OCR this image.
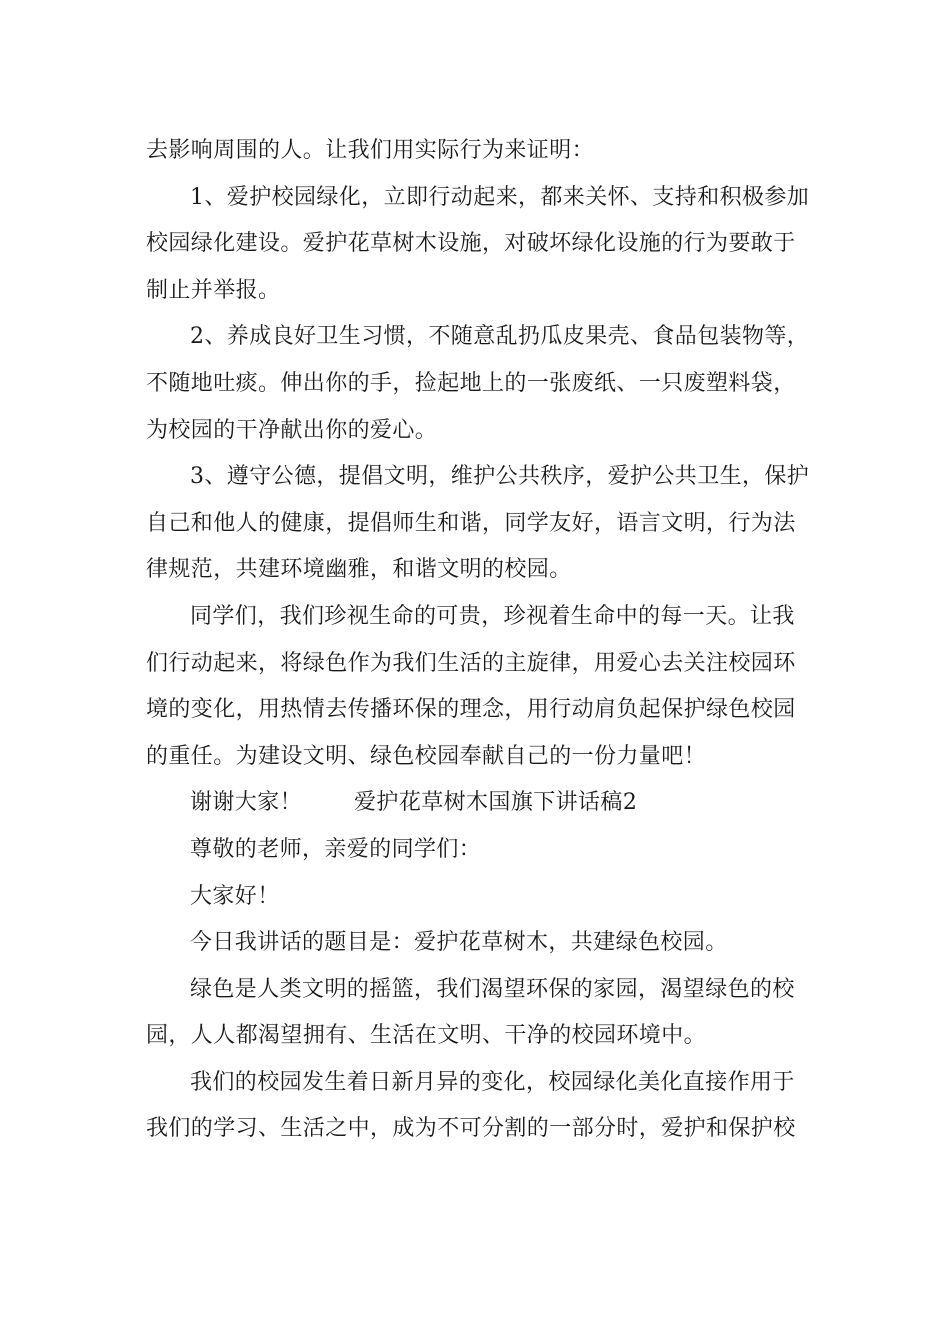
去影响周围的人。让我们用实际行为来证明：
1、爱护校园绿化，立即行动起来，都来关怀、支持和积极参加
校园绿化建设。爱护花草树木设施，对破坏绿化设施的行为要敢于
制止并举报。
2、养成良好卫生习惯，不随意乱扔瓜皮果壳、食品包装物等，
不随地吐痰。伸出你的手，捡起地上的一张废纸、一只废塑料袋，
为校园的干净献出你的爱心。
3、遵守公德，提倡文明，维护公共秩序，爱护公共卫生，保护
自己和他人的健康，提倡师生和谐，同学友好，语言文明，行为法
律规范，共建环境幽雅，和谐文明的校园。
同学们，我们珍视生命的可贵，珍视着生命中的每一天。让我
们行动起来，将绿色作为我们生活的主旋律，用爱心去关注校园环
境的变化，用热情去传播环保的理念，用行动肩负起保护绿色校园
的重任。为建设文明、绿色校园奉献自己的一份力量吧！
谢谢大家！ 爱护花草树木国旗下讲话稿2
尊敬的老师，亲爱的同学们：
大家好！
今日我讲话的题目是：爱护花草树木，共建绿色校园。
绿色是人类文明的摇篮，我们渴望环保的家园，渴望绿色的校
园，人人都渴望拥有、生活在文明、干净的校园环境中。
我们的校园发生着日新月异的变化，校园绿化美化直接作用于
我们的学习、生活之中，成为不可分割的一部分时，爱护和保护校
